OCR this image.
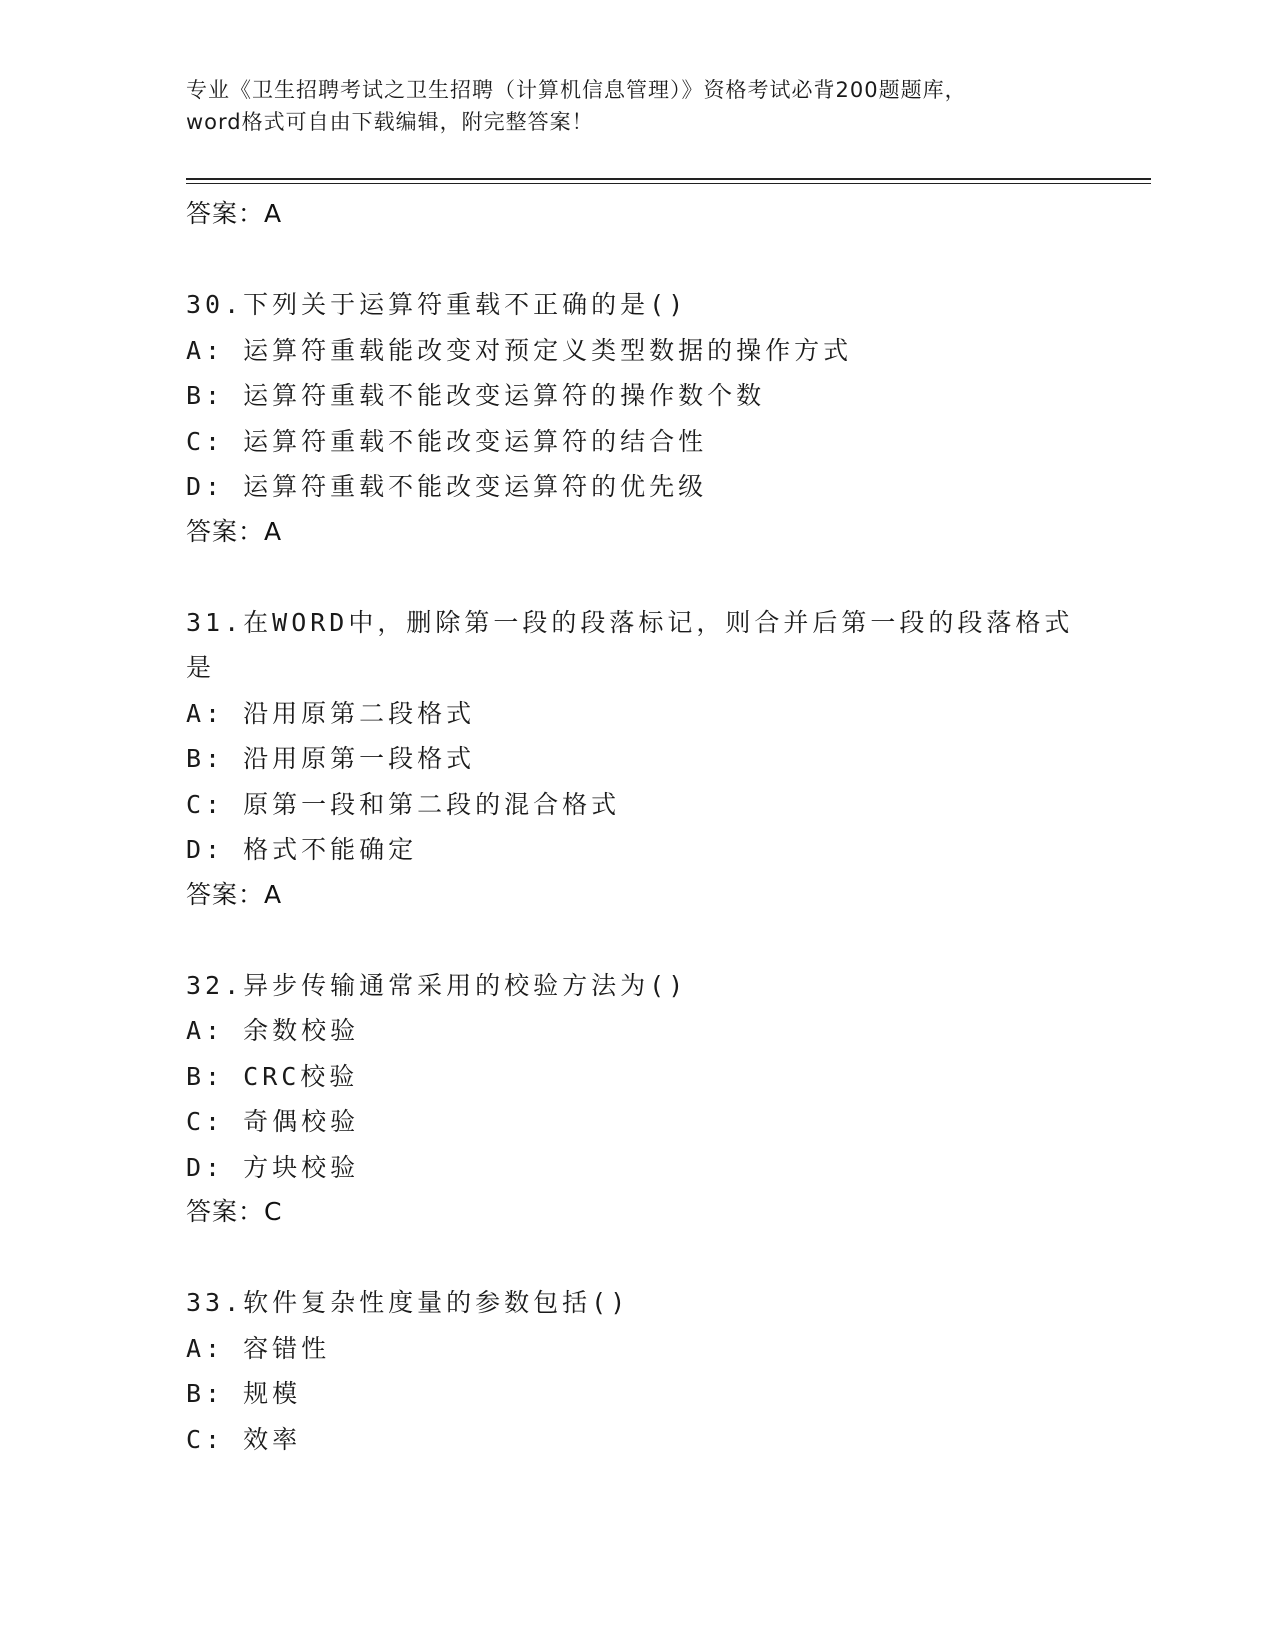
专业《卫生招聘考试之卫生招聘（计算机信息管理）》资格考试必背200题题库，
word格式可自由下载编辑，附完整答案！
答案：A
30.下列关于运算符重载不正确的是()
A: 运算符重载能改变对预定义类型数据的操作方式
B: 运算符重载不能改变运算符的操作数个数
C: 运算符重载不能改变运算符的结合性
D: 运算符重载不能改变运算符的优先级
答案：A
31.在WORD中，删除第一段的段落标记，则合并后第一段的段落格式
是
A: 沿用原第二段格式
B: 沿用原第一段格式
C: 原第一段和第二段的混合格式
D: 格式不能确定
答案：A
32.异步传输通常采用的校验方法为()
A: 余数校验
B: CRC校验
C: 奇偶校验
D: 方块校验
答案：C
33.软件复杂性度量的参数包括()
A: 容错性
B: 规模
C: 效率
